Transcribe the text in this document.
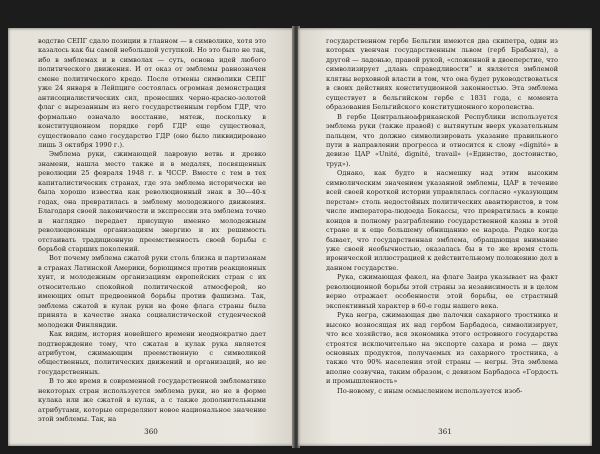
водство СЕПГ сдало позиции в главном — в символике, хотя это казалось как бы самой небольшой уступкой. Но это было не так, ибо в эмблемах и в символах — суть, основа идей любого политического движения. И от оказ от эмблемы равнозначен смене политического кредо. После отмены символики СЕПГ уже 24 января в Лейпциге состоялась огромная демонстрация антисоциалистических сил, пронесших черно-красно-золотой флаг с вырезанным из него государственным гербом ГДР, что формально означало восстание, мятеж, поскольку в конституционном порядке герб ГДР еще существовал, существовало само государство ГДР (оно было ликвидировано лишь 3 октября 1990 г.).

Эмблема руки, сжимающей лавровую ветвь и древко знамени, нашла место также и в медалях, посвященных революции 25 февраля 1948 г. в ЧССР. Вместе с тем в тех капиталистических странах, где эта эмблема исторически не была хорошо известна как революционный знак в 30—40-х годах, она превратилась в эмблему молодежного движения. Благодаря своей лаконичности и экспрессии эта эмблема точно и наглядно передает присущую именно молодежным революционным организациям энергию и их решимость отстаивать традиционную преемственность своей борьбы с борьбой старших поколений.

Вот почему эмблема сжатой руки столь близка и партизанам в странах Латинской Америки, борющимся против реакционных хунт, и молодежным организациям европейских стран с их относительно спокойной политической атмосферой, но имеющих опыт предвоенной борьбы против фашизма. Так, эмблема сжатой в кулак руки на фоне флага страны была принята в качестве знака социалистической студенческой молодежи Финляндии.

Как видим, история новейшего времени неоднократно дает подтверждение тому, что сжатая в кулак рука является атрибутом, сжимающим преемственную с символикой общественных, политических движений и организаций, но не государственных.

В то же время в современной государственной эмблематике некоторых стран используется эмблема руки, но не в форме кулака или же сжатой в кулак, а с также дополнительными атрибутами, которые определяют новое национальное значение этой эмблемы. Так, на

360

государственном гербе Бельгии имеются два скипетра, один из которых увенчан государственным львом (герб Брабанта), а другой — ладонью, правой рукой, «сложенной в двоеперстие, что символизирует „длань справедливости“ и является эмблемой клятвы верховной власти в том, что она будет руководствоваться в своих действиях конституционной законностью. Эта эмблема существует в бельгийском гербе с 1831 года, с момента образования Бельгийского конституционного королевства.

В гербе Центральноафриканской Республики используется эмблема руки (также правой) с вытянутым вверх указательным пальцем, что должно символизировать указание правильного пути в направлении прогресса и относится к слову «dignité» в девизе ЦАР «Unité, dignité, travail» («Единство, достоинство, труд»).

Однако, как будто в насмешку над этим высоким символическим значением указанной эмблемы, ЦАР в течение всей своей короткой истории управлялась согласно «указующим перстам» столь недостойных политических авантюристов, в том числе императора-людоеда Бокассы, что превратилась в конце концов в полному разграблению государственной казны в этой стране и к еще большему обнищанию ее народа. Редко когда бывает, что государственная эмблема, обращающая внимание уже своей необычностью, оказалась бы в то же время столь иронической иллюстрацией к действительному положению дел в данном государстве.

Рука, сжимающая факел, на флаге Заира указывает на факт революционной борьбы этой страны за независимость и в целом верно отражает особенности этой борьбы, ее страстный экспективный характер в 60-е годы нашего века.

Рука негра, сжимающая две палочки сахарного тростника и высоко возносящая их над гербом Барбадоса, символизирует, что все хозяйство, вся экономика этого островного государства строятся исключительно на экспорте сахара и рома — двух основных продуктов, получаемых из сахарного тростника, а также что 90% населения этой страны — негры. Эта эмблема вполне созвучна, таким образом, с девизом Барбадоса «Гордость и промышленность»

По-новому, с иным осмыслением используется изоб-

361
